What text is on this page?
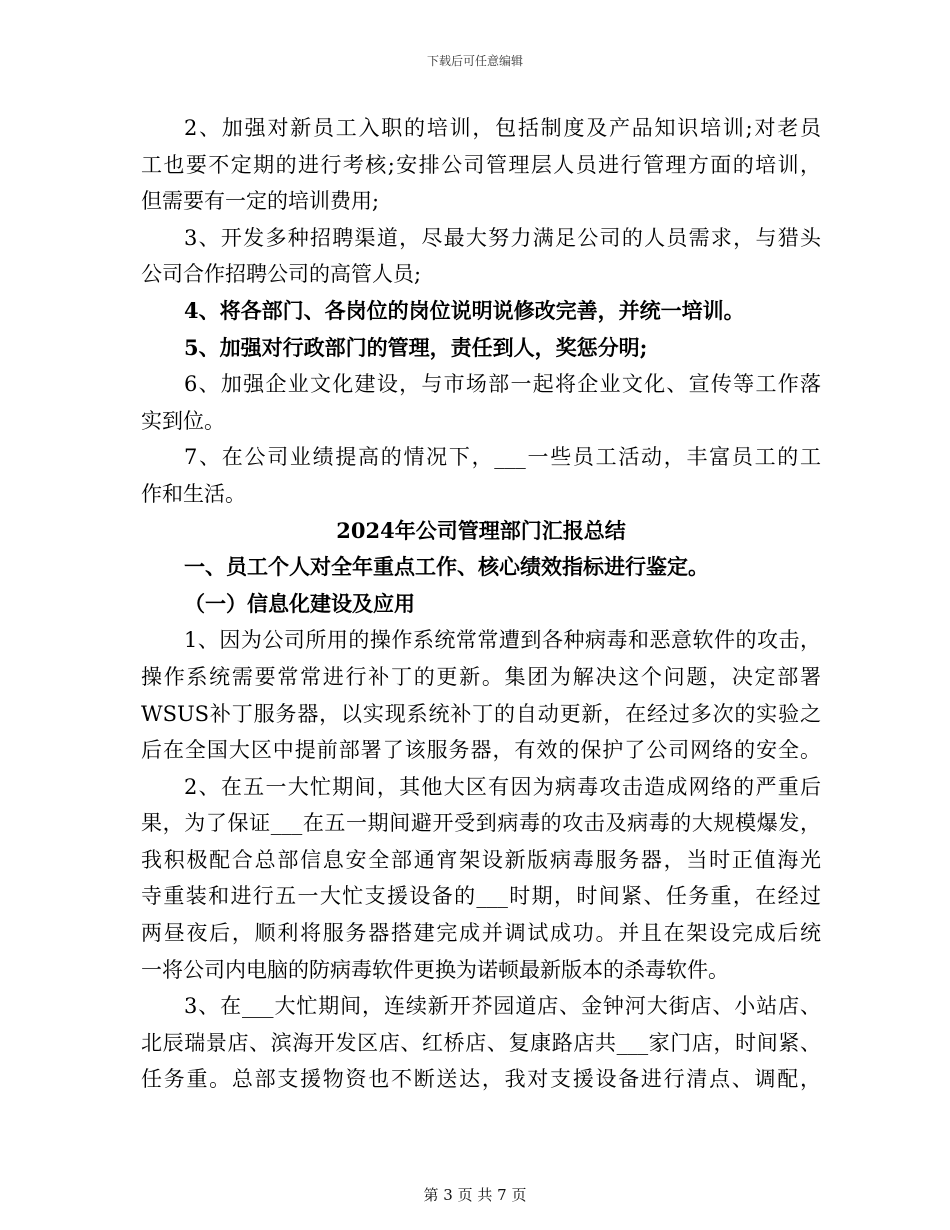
下载后可任意编辑
2、加强对新员工入职的培训，包括制度及产品知识培训;对老员
工也要不定期的进行考核;安排公司管理层人员进行管理方面的培训，
但需要有一定的培训费用;
3、开发多种招聘渠道，尽最大努力满足公司的人员需求，与猎头
公司合作招聘公司的高管人员;
4、将各部门、各岗位的岗位说明说修改完善，并统一培训。
5、加强对行政部门的管理，责任到人，奖惩分明;
6、加强企业文化建设，与市场部一起将企业文化、宣传等工作落
实到位。
7、在公司业绩提高的情况下，___一些员工活动，丰富员工的工
作和生活。
2024年公司管理部门汇报总结
一、员工个人对全年重点工作、核心绩效指标进行鉴定。
（一）信息化建设及应用
1、因为公司所用的操作系统常常遭到各种病毒和恶意软件的攻击，
操作系统需要常常进行补丁的更新。集团为解决这个问题，决定部署
WSUS补丁服务器，以实现系统补丁的自动更新，在经过多次的实验之
后在全国大区中提前部署了该服务器，有效的保护了公司网络的安全。
2、在五一大忙期间，其他大区有因为病毒攻击造成网络的严重后
果，为了保证___在五一期间避开受到病毒的攻击及病毒的大规模爆发，
我积极配合总部信息安全部通宵架设新版病毒服务器，当时正值海光
寺重装和进行五一大忙支援设备的___时期，时间紧、任务重，在经过
两昼夜后，顺利将服务器搭建完成并调试成功。并且在架设完成后统
一将公司内电脑的防病毒软件更换为诺顿最新版本的杀毒软件。
3、在___大忙期间，连续新开芥园道店、金钟河大街店、小站店、
北辰瑞景店、滨海开发区店、红桥店、复康路店共___家门店，时间紧、
任务重。总部支援物资也不断送达，我对支援设备进行清点、调配，
第 3 页 共 7 页
